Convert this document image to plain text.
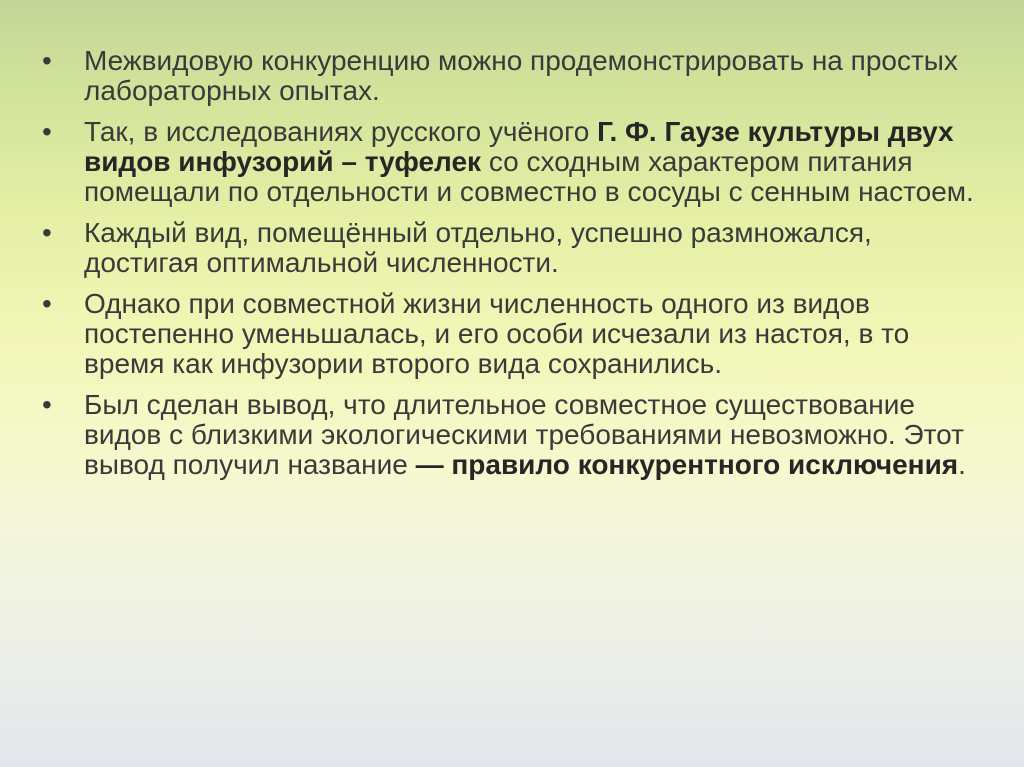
• Межвидовую конкуренцию можно продемонстрировать на простых лабораторных опытах.
• Так, в исследованиях русского учёного Г. Ф. Гаузе культуры двух видов инфузорий – туфелек со сходным характером питания помещали по отдельности и совместно в сосуды с сенным настоем.
• Каждый вид, помещённый отдельно, успешно размножался, достигая оптимальной численности.
• Однако при совместной жизни численность одного из видов постепенно уменьшалась, и его особи исчезали из настоя, в то время как инфузории второго вида сохранились.
• Был сделан вывод, что длительное совместное существование видов с близкими экологическими требованиями невозможно. Этот вывод получил название — правило конкурентного исключения.
